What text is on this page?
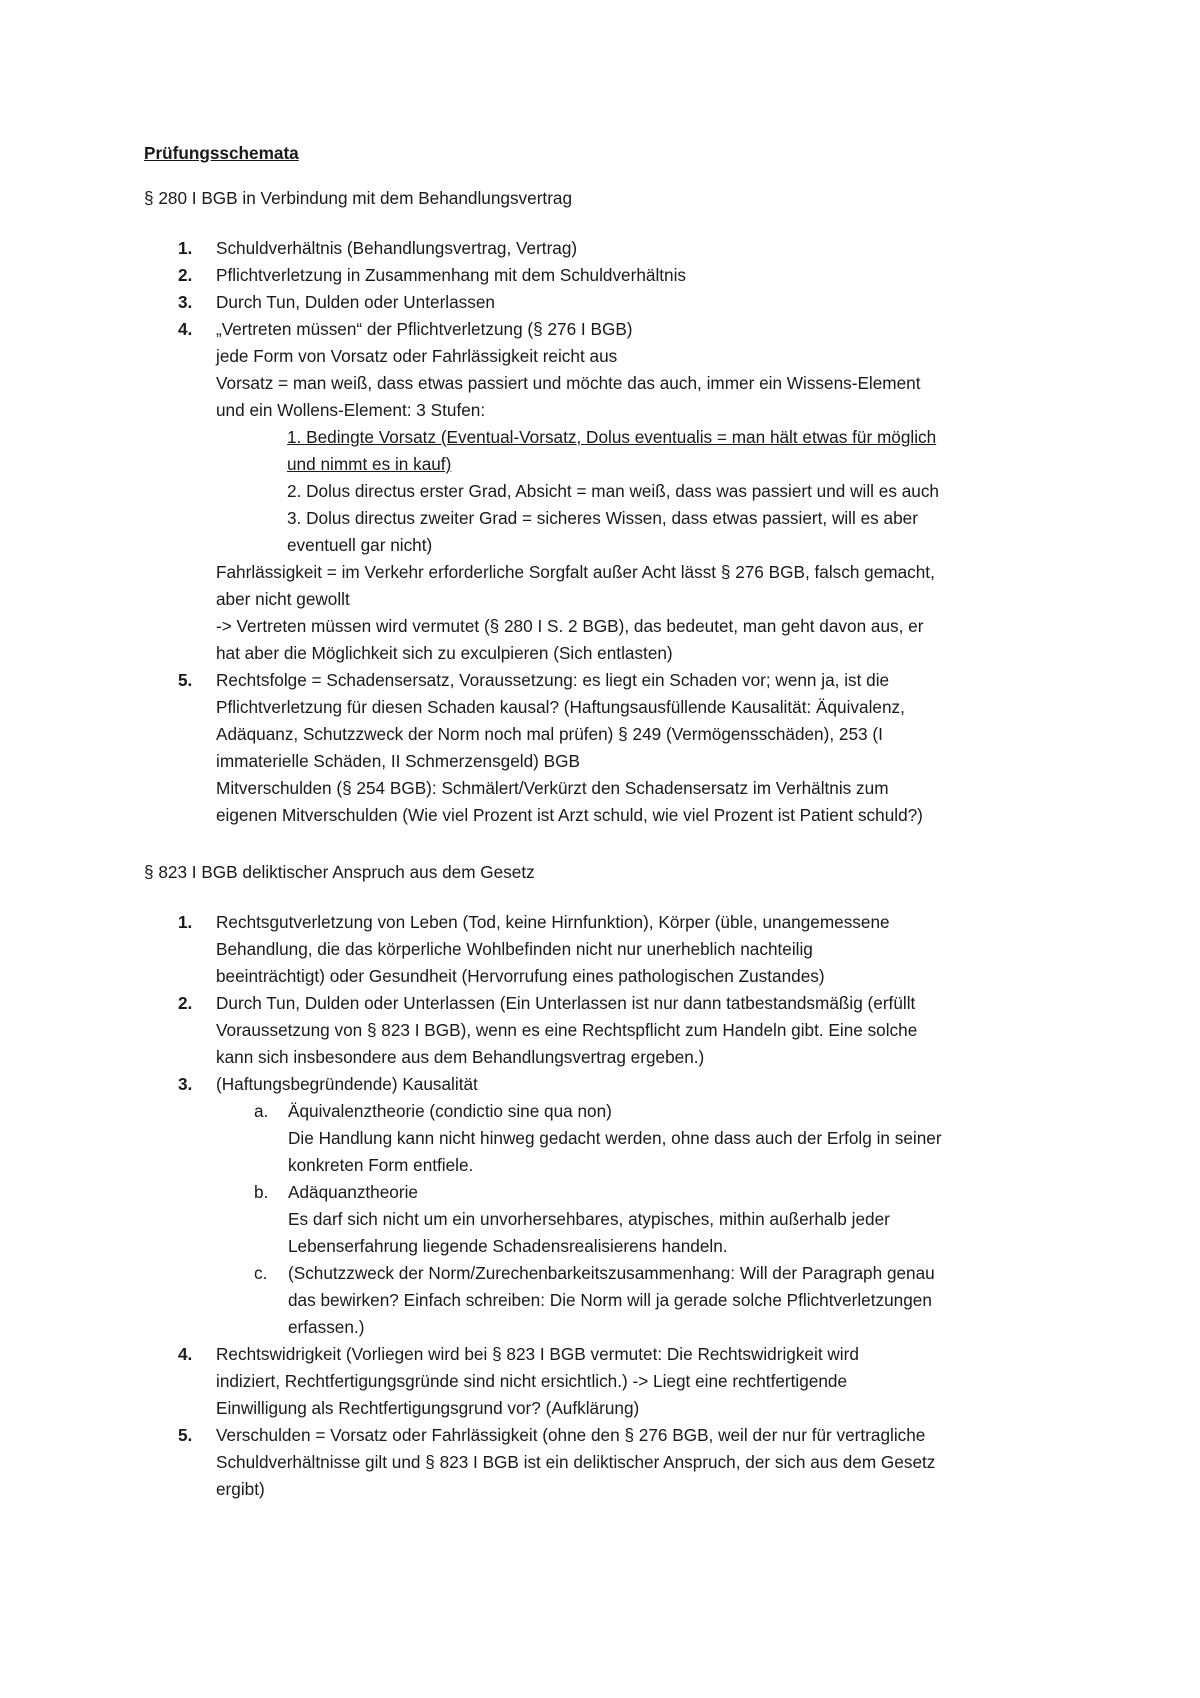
Prüfungsschemata
§ 280 I BGB in Verbindung mit dem Behandlungsvertrag
1. Schuldverhältnis (Behandlungsvertrag, Vertrag)
2. Pflichtverletzung in Zusammenhang mit dem Schuldverhältnis
3. Durch Tun, Dulden oder Unterlassen
4. „Vertreten müssen“ der Pflichtverletzung (§ 276 I BGB)
jede Form von Vorsatz oder Fahrlässigkeit reicht aus
Vorsatz = man weiß, dass etwas passiert und möchte das auch, immer ein Wissens-Element
und ein Wollens-Element: 3 Stufen:
1. Bedingte Vorsatz (Eventual-Vorsatz, Dolus eventualis = man hält etwas für möglich
und nimmt es in kauf)
2. Dolus directus erster Grad, Absicht = man weiß, dass was passiert und will es auch
3. Dolus directus zweiter Grad = sicheres Wissen, dass etwas passiert, will es aber
eventuell gar nicht)
Fahrlässigkeit = im Verkehr erforderliche Sorgfalt außer Acht lässt § 276 BGB, falsch gemacht,
aber nicht gewollt
-> Vertreten müssen wird vermutet (§ 280 I S. 2 BGB), das bedeutet, man geht davon aus, er
hat aber die Möglichkeit sich zu exculpieren (Sich entlasten)
5. Rechtsfolge = Schadensersatz, Voraussetzung: es liegt ein Schaden vor; wenn ja, ist die
Pflichtverletzung für diesen Schaden kausal? (Haftungsausfüllende Kausalität: Äquivalenz,
Adäquanz, Schutzzweck der Norm noch mal prüfen) § 249 (Vermögensschäden), 253 (I
immaterielle Schäden, II Schmerzensgeld) BGB
Mitverschulden (§ 254 BGB): Schmälert/Verkürzt den Schadensersatz im Verhältnis zum
eigenen Mitverschulden (Wie viel Prozent ist Arzt schuld, wie viel Prozent ist Patient schuld?)
§ 823 I BGB deliktischer Anspruch aus dem Gesetz
1. Rechtsgutverletzung von Leben (Tod, keine Hirnfunktion), Körper (üble, unangemessene
Behandlung, die das körperliche Wohlbefinden nicht nur unerheblich nachteilig
beeinträchtigt) oder Gesundheit (Hervorrufung eines pathologischen Zustandes)
2. Durch Tun, Dulden oder Unterlassen (Ein Unterlassen ist nur dann tatbestandsmäßig (erfüllt
Voraussetzung von § 823 I BGB), wenn es eine Rechtspflicht zum Handeln gibt. Eine solche
kann sich insbesondere aus dem Behandlungsvertrag ergeben.)
3. (Haftungsbegründende) Kausalität
a. Äquivalenztheorie (condictio sine qua non)
Die Handlung kann nicht hinweg gedacht werden, ohne dass auch der Erfolg in seiner
konkreten Form entfiele.
b. Adäquanztheorie
Es darf sich nicht um ein unvorhersehbares, atypisches, mithin außerhalb jeder
Lebenserfahrung liegende Schadensrealisierens handeln.
c. (Schutzzweck der Norm/Zurechenbarkeitszusammenhang: Will der Paragraph genau
das bewirken? Einfach schreiben: Die Norm will ja gerade solche Pflichtverletzungen
erfassen.)
4. Rechtswidrigkeit (Vorliegen wird bei § 823 I BGB vermutet: Die Rechtswidrigkeit wird
indiziert, Rechtfertigungsgründe sind nicht ersichtlich.) -> Liegt eine rechtfertigende
Einwilligung als Rechtfertigungsgrund vor? (Aufklärung)
5. Verschulden = Vorsatz oder Fahrlässigkeit (ohne den § 276 BGB, weil der nur für vertragliche
Schuldverhältnisse gilt und § 823 I BGB ist ein deliktischer Anspruch, der sich aus dem Gesetz
ergibt)
